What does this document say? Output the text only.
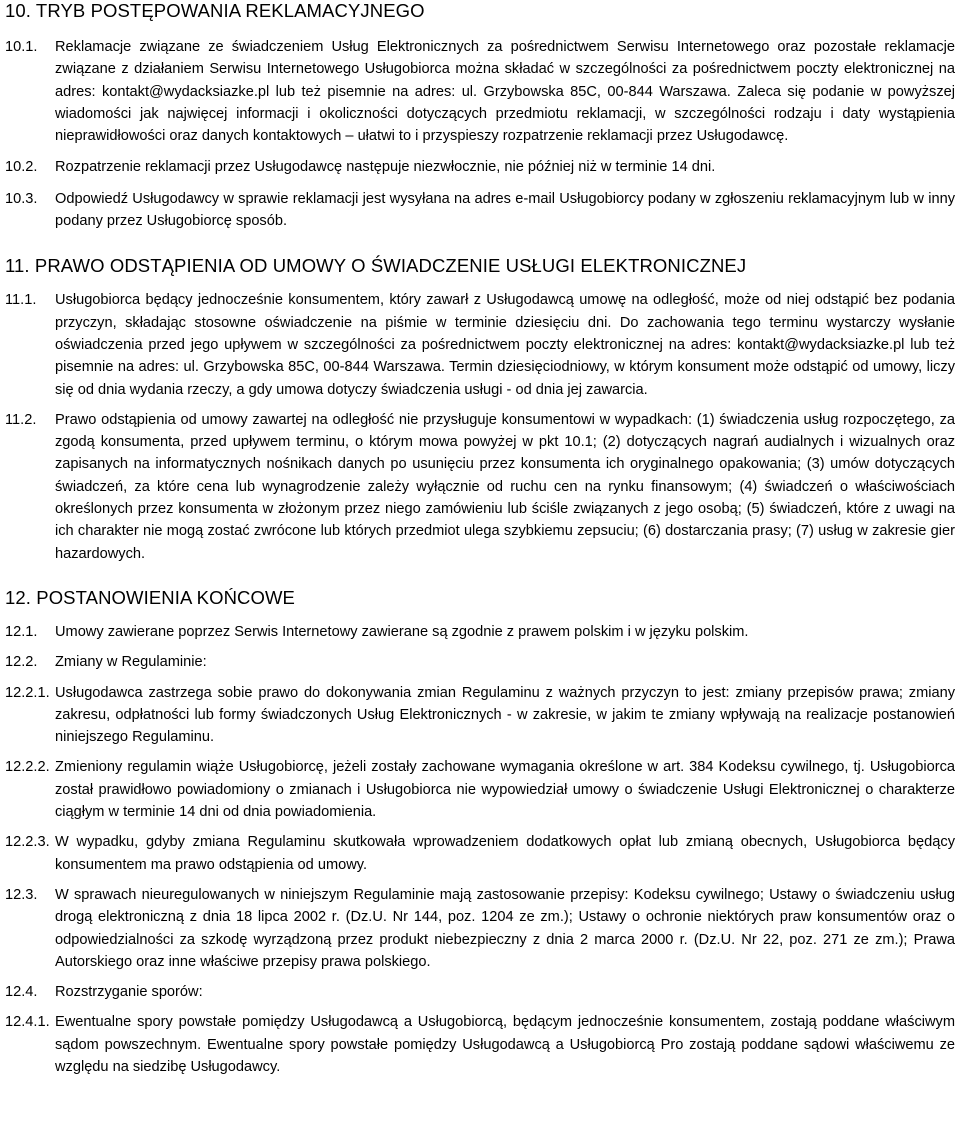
10. TRYB POSTĘPOWANIA REKLAMACYJNEGO
10.1.	Reklamacje związane ze świadczeniem Usług Elektronicznych za pośrednictwem Serwisu Internetowego oraz pozostałe reklamacje związane z działaniem Serwisu Internetowego Usługobiorca można składać w szczególności za pośrednictwem poczty elektronicznej na adres: kontakt@wydacksiazke.pl lub też pisemnie na adres: ul. Grzybowska 85C, 00-844 Warszawa. Zaleca się podanie w powyższej wiadomości jak najwięcej informacji i okoliczności dotyczących przedmiotu reklamacji, w szczególności rodzaju i daty wystąpienia nieprawidłowości oraz danych kontaktowych – ułatwi to i przyspieszy rozpatrzenie reklamacji przez Usługodawcę.
10.2.	Rozpatrzenie reklamacji przez Usługodawcę następuje niezwłocznie, nie później niż w terminie 14 dni.
10.3.	Odpowiedź Usługodawcy w sprawie reklamacji jest wysyłana na adres e-mail Usługobiorcy podany w zgłoszeniu reklamacyjnym lub w inny podany przez Usługobiorcę sposób.
11. PRAWO ODSTĄPIENIA OD UMOWY O ŚWIADCZENIE USŁUGI ELEKTRONICZNEJ
11.1.	Usługobiorca będący jednocześnie konsumentem, który zawarł z Usługodawcą umowę na odległość, może od niej odstąpić bez podania przyczyn, składając stosowne oświadczenie na piśmie w terminie dziesięciu dni. Do zachowania tego terminu wystarczy wysłanie oświadczenia przed jego upływem w szczególności za pośrednictwem poczty elektronicznej na adres: kontakt@wydacksiazke.pl lub też pisemnie na adres: ul. Grzybowska 85C, 00-844 Warszawa. Termin dziesięciodniowy, w którym konsument może odstąpić od umowy, liczy się od dnia wydania rzeczy, a gdy umowa dotyczy świadczenia usługi - od dnia jej zawarcia.
11.2.	Prawo odstąpienia od umowy zawartej na odległość nie przysługuje konsumentowi w wypadkach: (1) świadczenia usług rozpoczętego, za zgodą konsumenta, przed upływem terminu, o którym mowa powyżej w pkt 10.1; (2) dotyczących nagrań audialnych i wizualnych oraz zapisanych na informatycznych nośnikach danych po usunięciu przez konsumenta ich oryginalnego opakowania; (3) umów dotyczących świadczeń, za które cena lub wynagrodzenie zależy wyłącznie od ruchu cen na rynku finansowym; (4) świadczeń o właściwościach określonych przez konsumenta w złożonym przez niego zamówieniu lub ściśle związanych z jego osobą; (5) świadczeń, które z uwagi na ich charakter nie mogą zostać zwrócone lub których przedmiot ulega szybkiemu zepsuciu; (6) dostarczania prasy; (7) usług w zakresie gier hazardowych.
12. POSTANOWIENIA KOŃCOWE
12.1.	Umowy zawierane poprzez Serwis Internetowy zawierane są zgodnie z prawem polskim i w języku polskim.
12.2.	Zmiany w Regulaminie:
12.2.1. Usługodawca zastrzega sobie prawo do dokonywania zmian Regulaminu z ważnych przyczyn to jest: zmiany przepisów prawa; zmiany zakresu, odpłatności lub formy świadczonych Usług Elektronicznych - w zakresie, w jakim te zmiany wpływają na realizacje postanowień niniejszego Regulaminu.
12.2.2. Zmieniony regulamin wiąże Usługobiorcę, jeżeli zostały zachowane wymagania określone w art. 384 Kodeksu cywilnego, tj. Usługobiorca został prawidłowo powiadomiony o zmianach i Usługobiorca nie wypowiedział umowy o świadczenie Usługi Elektronicznej o charakterze ciągłym w terminie 14 dni od dnia powiadomienia.
12.2.3. W wypadku, gdyby zmiana Regulaminu skutkowała wprowadzeniem dodatkowych opłat lub zmianą obecnych, Usługobiorca będący konsumentem ma prawo odstąpienia od umowy.
12.3.	W sprawach nieuregulowanych w niniejszym Regulaminie mają zastosowanie przepisy: Kodeksu cywilnego; Ustawy o świadczeniu usług drogą elektroniczną z dnia 18 lipca 2002 r. (Dz.U. Nr 144, poz. 1204 ze zm.); Ustawy o ochronie niektórych praw konsumentów oraz o odpowiedzialności za szkodę wyrządzoną przez produkt niebezpieczny z dnia 2 marca 2000 r. (Dz.U. Nr 22, poz. 271 ze zm.); Prawa Autorskiego oraz inne właściwe przepisy prawa polskiego.
12.4.	Rozstrzyganie sporów:
12.4.1. Ewentualne spory powstałe pomiędzy Usługodawcą a Usługobiorcą, będącym jednocześnie konsumentem, zostają poddane właściwym sądom powszechnym. Ewentualne spory powstałe pomiędzy Usługodawcą a Usługobiorcą Pro zostają poddane sądowi właściwemu ze względu na siedzibę Usługodawcy.
